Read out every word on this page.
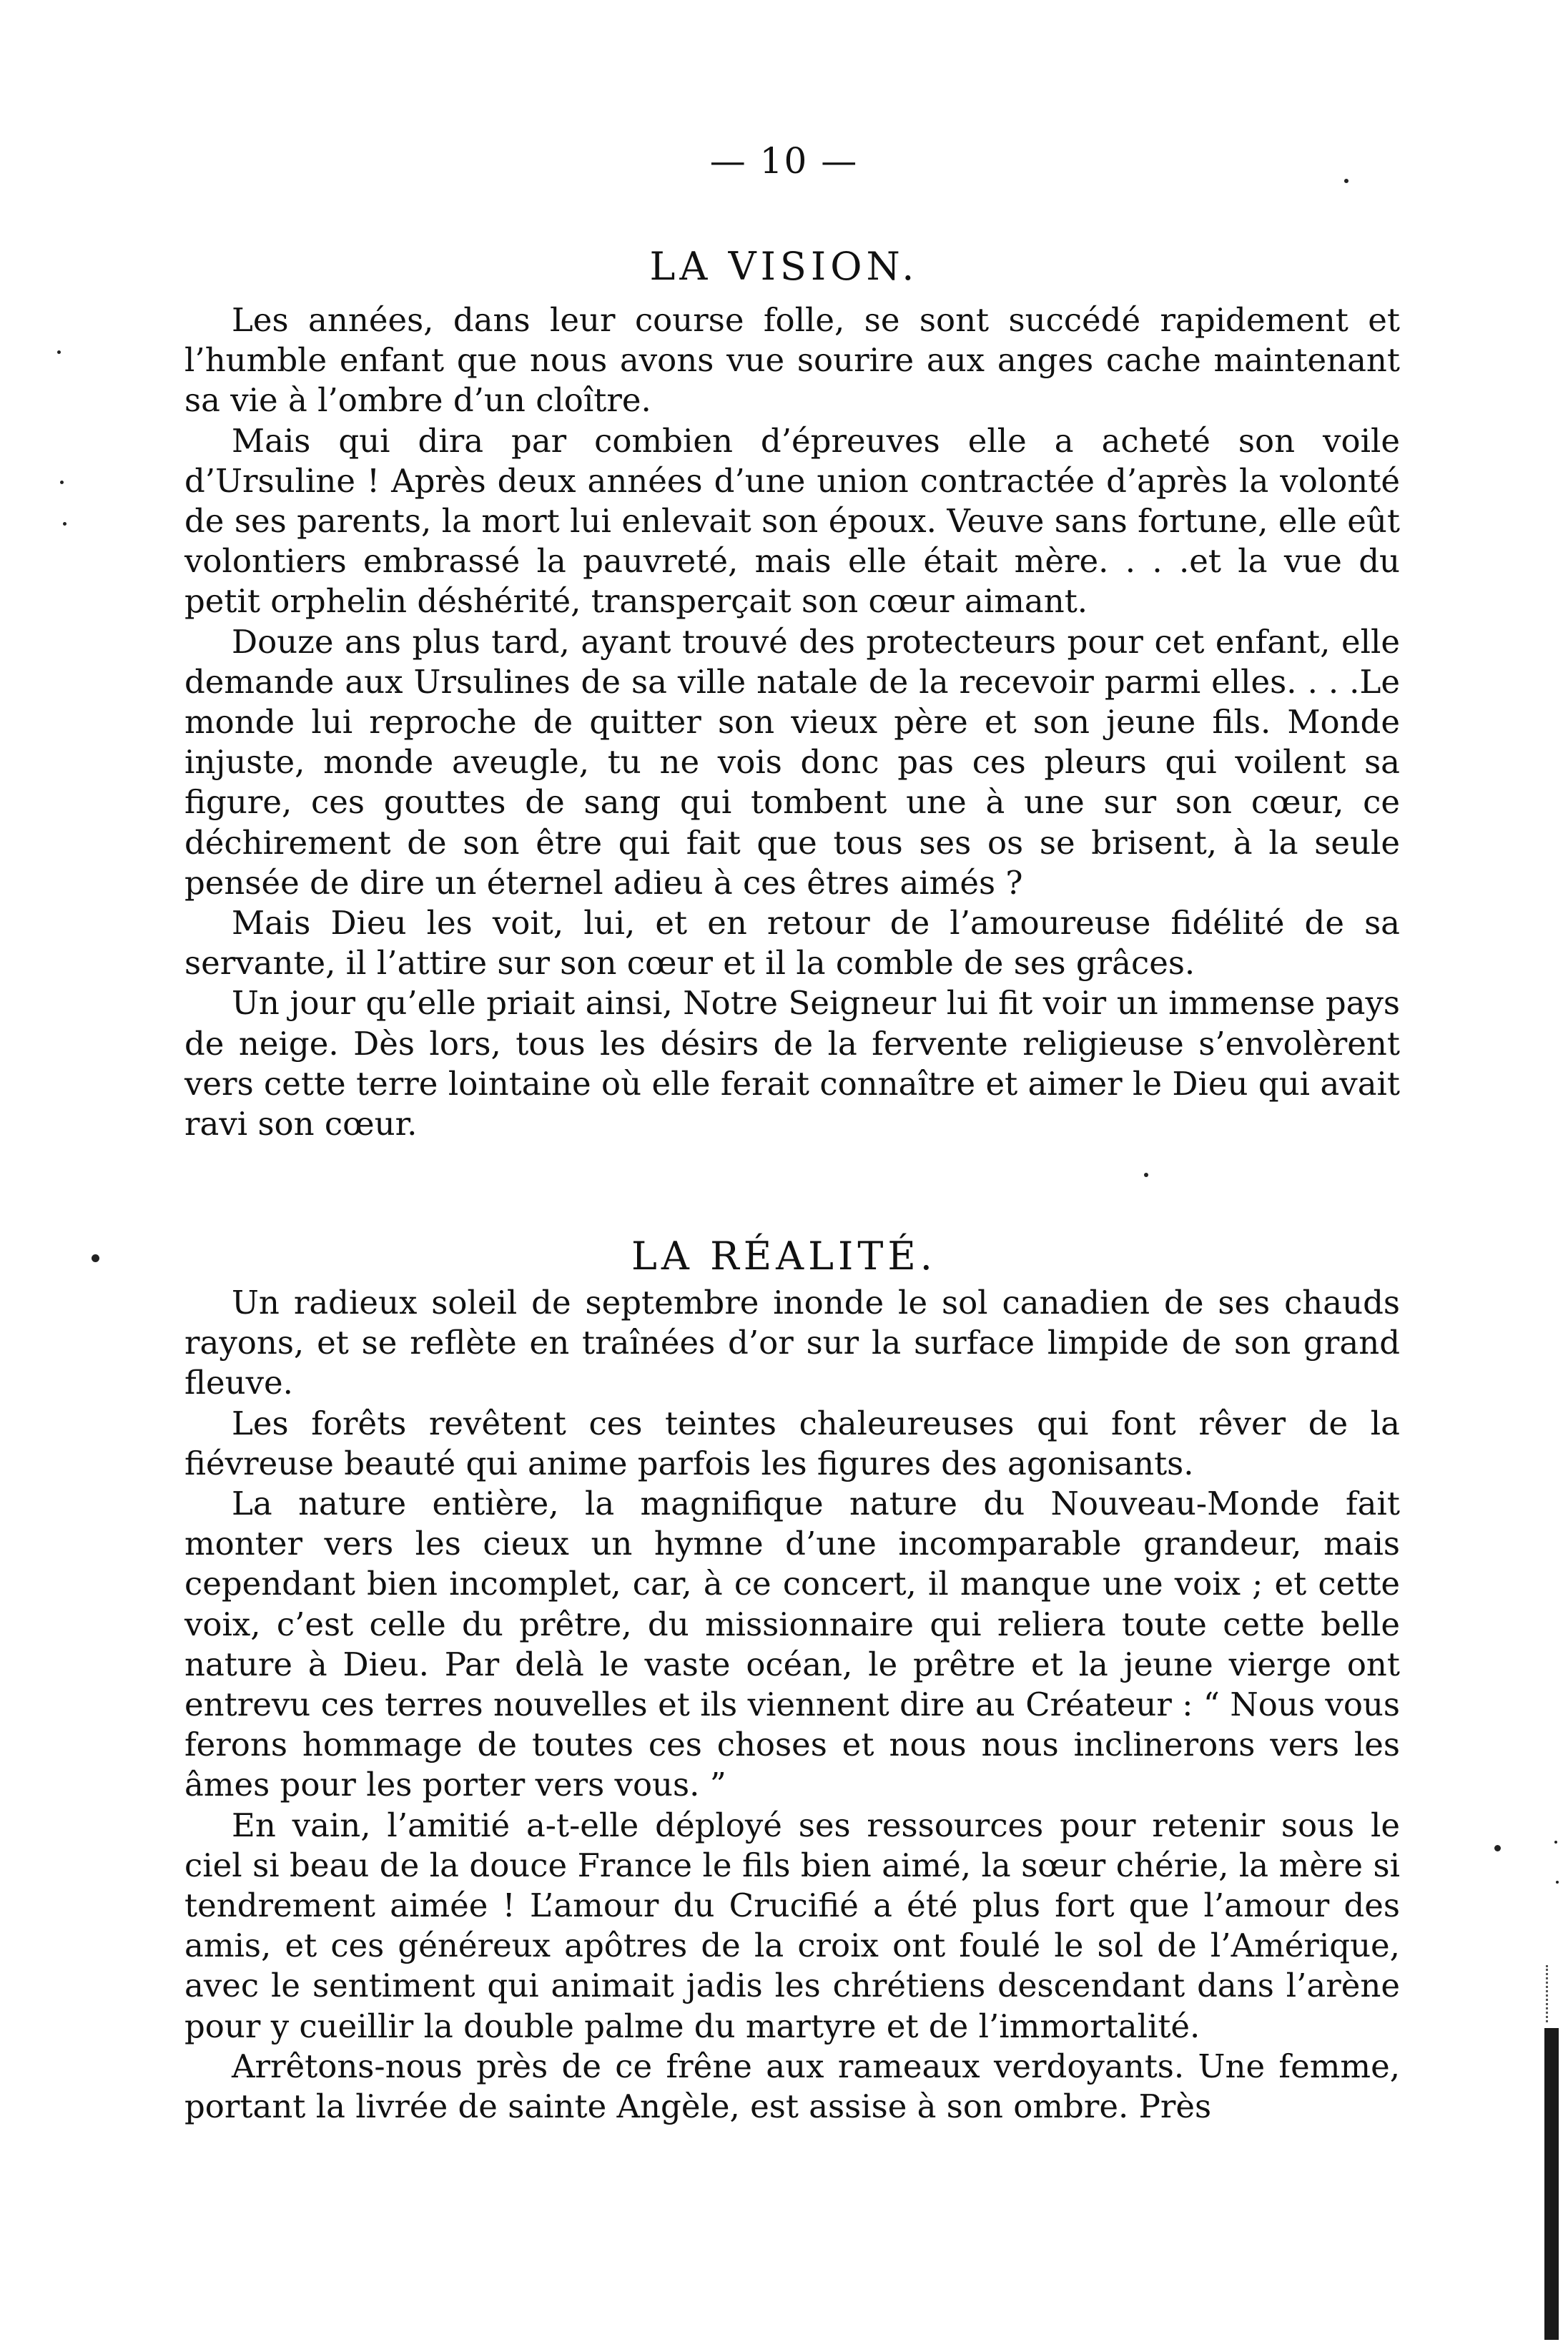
— 10 —
LA VISION.

Les années, dans leur course folle, se sont succédé rapidement et l’humble enfant que nous avons vue sourire aux anges cache maintenant sa vie à l’ombre d’un cloître.

Mais qui dira par combien d’épreuves elle a acheté son voile d’Ursuline ! Après deux années d’une union contractée d’après la volonté de ses parents, la mort lui enlevait son époux. Veuve sans fortune, elle eût volontiers embrassé la pauvreté, mais elle était mère. . . .et la vue du petit orphelin déshérité, transperçait son cœur aimant.

Douze ans plus tard, ayant trouvé des protecteurs pour cet enfant, elle demande aux Ursulines de sa ville natale de la recevoir parmi elles. . . .Le monde lui reproche de quitter son vieux père et son jeune fils. Monde injuste, monde aveugle, tu ne vois donc pas ces pleurs qui voilent sa figure, ces gouttes de sang qui tombent une à une sur son cœur, ce déchirement de son être qui fait que tous ses os se brisent, à la seule pensée de dire un éternel adieu à ces êtres aimés ?

Mais Dieu les voit, lui, et en retour de l’amoureuse fidélité de sa servante, il l’attire sur son cœur et il la comble de ses grâces.

Un jour qu’elle priait ainsi, Notre Seigneur lui fit voir un immense pays de neige. Dès lors, tous les désirs de la fervente religieuse s’envolèrent vers cette terre lointaine où elle ferait connaître et aimer le Dieu qui avait ravi son cœur.

LA RÉALITÉ.

Un radieux soleil de septembre inonde le sol canadien de ses chauds rayons, et se reflète en traînées d’or sur la surface limpide de son grand fleuve.

Les forêts revêtent ces teintes chaleureuses qui font rêver de la fiévreuse beauté qui anime parfois les figures des agonisants.

La nature entière, la magnifique nature du Nouveau-Monde fait monter vers les cieux un hymne d’une incomparable grandeur, mais cependant bien incomplet, car, à ce concert, il manque une voix ; et cette voix, c’est celle du prêtre, du missionnaire qui reliera toute cette belle nature à Dieu. Par delà le vaste océan, le prêtre et la jeune vierge ont entrevu ces terres nouvelles et ils viennent dire au Créateur : “ Nous vous ferons hommage de toutes ces choses et nous nous inclinerons vers les âmes pour les porter vers vous. ”

En vain, l’amitié a-t-elle déployé ses ressources pour retenir sous le ciel si beau de la douce France le fils bien aimé, la sœur chérie, la mère si tendrement aimée ! L’amour du Crucifié a été plus fort que l’amour des amis, et ces généreux apôtres de la croix ont foulé le sol de l’Amérique, avec le sentiment qui animait jadis les chrétiens descendant dans l’arène pour y cueillir la double palme du martyre et de l’immortalité.

Arrêtons-nous près de ce frêne aux rameaux verdoyants. Une femme, portant la livrée de sainte Angèle, est assise à son ombre. Près
